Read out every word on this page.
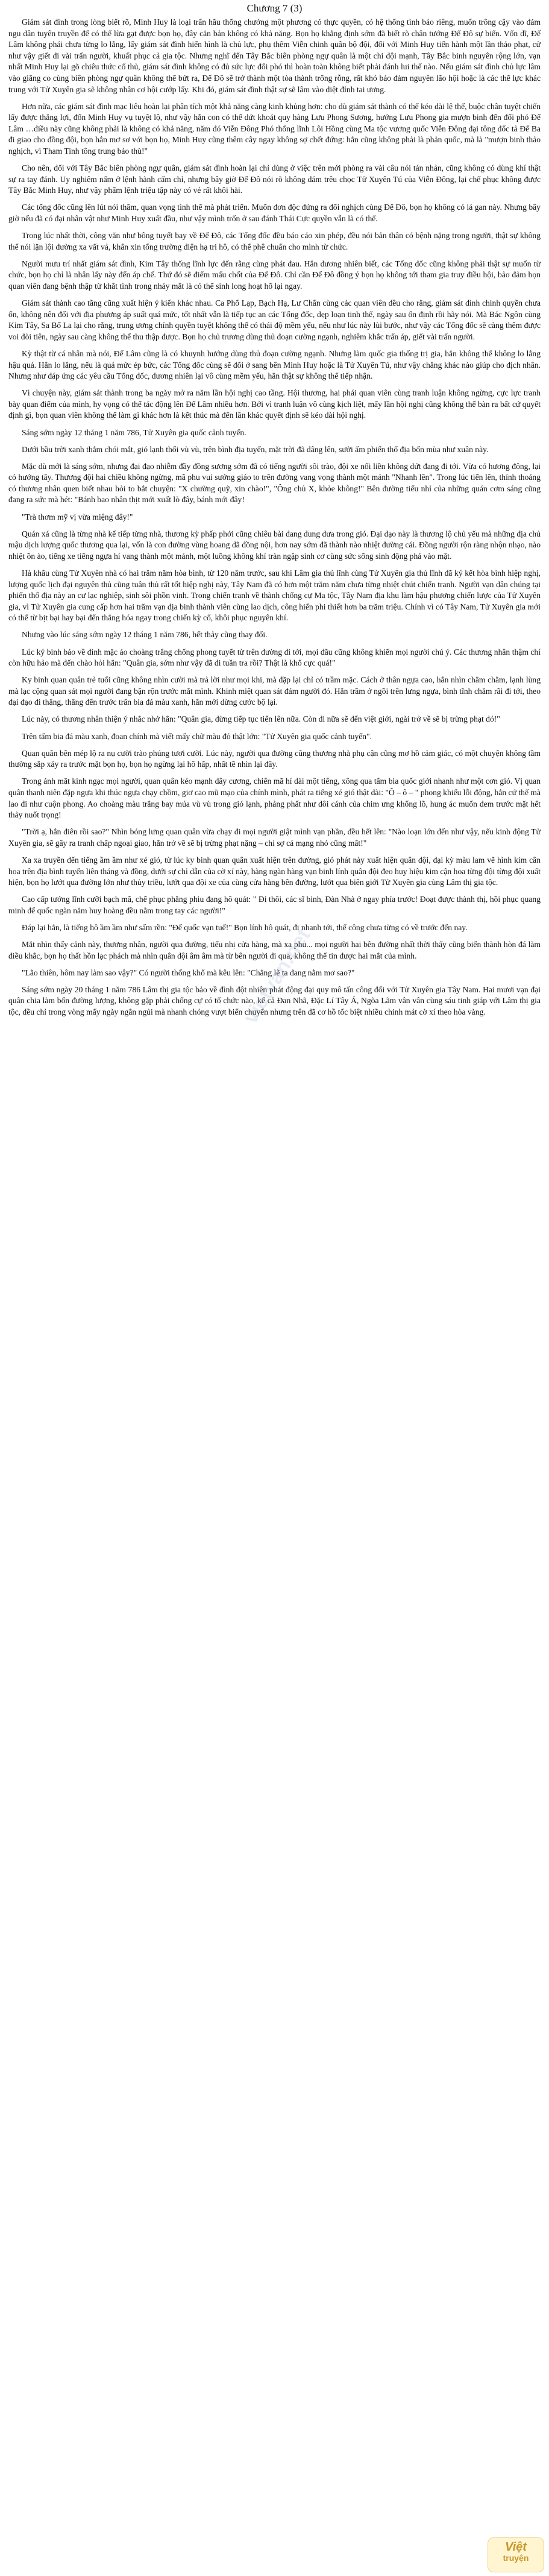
Chương 7 (3)

Giám sát đình trong lòng biết rõ, Minh Huy là loại trấn hầu thống chướng một phương có thực quyền, có hệ thống tình báo riêng, muốn trông cậy vào đám ngu dân tuyên truyền để có thể lừa gạt được bọn họ, đây căn bản không có khả năng. Bọn họ khẳng định sớm đã biết rõ chân tướng Đế Đô sự biến. Vốn dĩ, Đế Lâm không phái chưa từng lo lắng, lấy giám sát đình hiển hình là chủ lực, phụ thêm Viễn chinh quân bộ đội, đối với Minh Huy tiến hành một lần thảo phạt, cử như vậy giết đi vài trấn người, khuất phục cả gia tộc. Nhưng nghĩ đến Tây Bắc biên phòng ngự quân là một chi đội mạnh, Tây Bắc binh nguyên rộng lớn, vạn nhất Minh Huy lại gõ chiêu thức cố thủ, giám sát đình không có đủ sức lực đổi phó thì hoàn toàn không biết phải đánh lui thế nào. Nếu giám sát đình chủ lực lâm vào giằng co cùng biên phòng ngự quân không thể bứt ra, Đế Đô sẽ trở thành một tòa thành trống rỗng, rất khó bảo đảm nguyên lão hội hoặc là các thế lực khác trung với Tử Xuyên gia sẽ không nhân cơ hội cướp lấy. Khi đó, giám sát đình thật sự sẽ lâm vào diệt đỉnh tai ương.

Hơn nữa, các giám sát đình mạc liêu hoàn lại phân tích một khả năng càng kinh khủng hơn: cho dù giám sát thành có thể kéo dài lệ thế, buộc chân tuyệt chiến lấy được thắng lợi, đốn Minh Huy vụ tuyệt lộ, như vậy hắn con có thể dứt khoát quy hàng Lưu Phong Sương, hướng Lưu Phong gia mượn binh đến đối phó Đế Lâm …điều này cũng không phải là không có khả năng, năm đó Viễn Đông Phó thống lĩnh Lôi Hồng cùng Ma tộc vương quốc Viễn Đông đại tông đốc tả Đế Ba đi giao cho đồng đội, bọn hắn mơ sơ với bọn họ, Minh Huy cũng thêm cây ngay không sợ chết đứng: hắn cũng không phải là phản quốc, mà là "mượn binh thảo nghịch, vì Tham Tinh tông trung bảo thù!"

Cho nên, đối với Tây Bắc biên phòng ngự quân, giám sát đình hoàn lại chỉ dùng ở việc trên mới phòng ra vài câu nói tán nhản, cũng không có dùng khí thật sự ra tay đánh. Uy nghiêm nấm ở lệnh hành cấm chỉ, nhưng bây giờ Đế Đô nói rõ không dám trêu chọc Tử Xuyên Tú của Viễn Đông, lại chế phục không được Tây Bắc Minh Huy, như vậy phẩm lệnh triệu tập này có vẻ rất khôi hài.

Các tổng đốc cũng lên lút nói thầm, quan vọng tình thế mà phát triển. Muốn đơn độc đứng ra đối nghịch cùng Đế Đô, bọn họ không có lá gan này. Nhưng bây giờ nếu đã có đại nhân vật như Minh Huy xuất đầu, như vậy mình trốn ở sau đánh Thái Cực quyền vẫn là có thể.

Trong lúc nhất thời, công văn như bông tuyết bay về Đế Đô, các Tổng đốc đều báo cáo xin phép, đều nói bản thân có bệnh nặng trong người, thật sự không thể nói lặn lội đường xa vất vả, khẩn xin tổng trường điện hạ tri hô, có thể phê chuẩn cho mình từ chức.

Người mưu trí nhất giám sát đình, Kim Tây thống lĩnh lực đến rằng cùng phát đau. Hắn đương nhiên biết, các Tổng đốc cũng không phải thật sự muốn từ chức, bọn họ chỉ là nhân lấy này đến áp chế. Thứ đó sẽ điểm mấu chốt của Đế Đô. Chỉ cần Đế Đô đồng ý bọn họ không tới tham gia truy điều hội, bảo đảm bọn quan viên đang bệnh thập từ khắt tình trong nháy mắt là có thể sinh long hoạt hổ lại ngay.

Giám sát thành cao tầng cũng xuất hiện ý kiến khác nhau. Ca Phổ Lạp, Bạch Hạ, Lư Chẩn cùng các quan viên đều cho rằng, giám sát đình chinh quyền chưa ổn, không nên đối với địa phương áp suất quá mức, tốt nhất vẫn là tiếp tục an các Tổng đốc, dẹp loạn tinh thế, ngày sau ổn định rồi hãy nói. Mà Bác Ngôn cùng Kim Tây, Sa Bố La lại cho rằng, trung ương chính quyền tuyệt không thể có thái độ mềm yếu, nếu như lúc này lùi bước, như vậy các Tổng đốc sẽ càng thêm được voi đòi tiên, ngày sau càng không thể thu thập được. Bọn họ chủ trương dùng thủ đoạn cường ngạnh, nghiêm khắc trấn áp, giết vài trấn người.

Kỳ thật từ cá nhân mà nói, Đế Lâm cũng là có khuynh hướng dùng thủ đoạn cường ngạnh. Nhưng làm quốc gia thống trị gia, hắn không thể không lo lắng hậu quả. Hắn lo lắng, nếu là quá mức ép bức, các Tổng đốc cùng sẽ đối ở sang bên Minh Huy hoặc là Tử Xuyên Tú, như vậy chẳng khác nào giúp cho địch nhân. Nhưng như đáp ứng các yêu cầu Tổng đốc, đương nhiên lại vô cùng mềm yếu, hắn thật sự không thể tiếp nhận.

Vì chuyện này, giám sát thành trong ba ngày mở ra năm lần hội nghị cao tầng. Hội thương, hai phái quan viên cùng tranh luận không ngừng, cực lực tranh bày quan điểm của mình, hy vọng có thể tác động lên Đế Lâm nhiều hơn. Bởi vì tranh luận vô cùng kịch liệt, mấy lần hội nghị cũng không thể bàn ra bất cứ quyết định gì, bọn quan viên không thể làm gì khác hơn là kết thúc mà đến lần khác quyết định sẽ kéo dài hội nghị.

Sáng sớm ngày 12 tháng 1 năm 786, Tử Xuyên gia quốc cảnh tuyến.

Dưới bầu trời xanh thẳm chói mắt, gió lạnh thổi vù vù, trên bình địa tuyến, mặt trời đã dâng lên, sưởi ấm phiến thổ địa bốn mùa như xuân này.

Mặc dù mới là sáng sớm, nhưng đại đạo nhiễm đầy đồng sương sớm đã có tiếng người sôi trào, đội xe nối liền không dứt đang đi tới. Vừa có hương đông, lại có hướng tây. Thương đội hai chiều không ngừng, mã phu vui sướng giáo to trên đường vang vọng thành một mảnh "Nhanh lên". Trong lúc tiến lên, thỉnh thoảng có thương nhân quen biết nhau hỏi to bắt chuyện: "X chường quỹ, xin chào!", "Ông chủ X, khỏe không!" Bên đường tiểu nhỉ của những quán cơm sáng cũng đang ra sức mà hét: "Bánh bao nhân thịt mới xuất lò đây, bánh mới đây!

"Trà thơm mỹ vị vừa miệng đây!"

Quán xá cũng là từng nhà kế tiếp từng nhà, thương kỳ phấp phới cũng chiêu bài đang đung đưa trong gió. Đại đạo này là thương lộ chủ yếu mà những địa chủ mậu dịch lượng quốc thương qua lại, vốn là con đường vùng hoang dã đồng nội, hơn nay sớm đã thành nào nhiệt đường cái. Đồng người rộn ràng nhộn nhạo, nào nhiệt ồn ào, tiếng xe tiếng ngựa hí vang thành một mảnh, một luồng không khí tràn ngập sinh cơ cùng sức sống sinh động phả vào mặt.

Hà khẩu cùng Tử Xuyên nhà có hai trăm năm hòa bình, từ 120 năm trước, sau khi Lâm gia thủ lĩnh cùng Tử Xuyên gia thủ lĩnh đã ký kết hòa bình hiệp nghị, lượng quốc lịch đại nguyên thủ cũng tuân thủ rất tốt hiệp nghị này, Tây Nam đã có hơn một trăm năm chưa từng nhiệt chút chiến tranh. Người vạn dân chúng tại phiến thổ địa này an cư lạc nghiệp, sinh sôi phồn vinh. Trong chiến tranh về thành chống cự Ma tộc, Tây Nam địa khu làm hậu phương chiến lược của Tử Xuyên gia, vì Tử Xuyên gia cung cấp hơn hai trăm vạn địa binh thành viên cùng lao dịch, công hiến phi thiết hơn ba trăm triệu. Chính vì có Tây Nam, Tử Xuyên gia mới có thể từ bịt bại hay bại đến thắng hóa ngay trong chiến kỳ cổ, khôi phục nguyên khí.

Nhưng vào lúc sáng sớm ngày 12 tháng 1 năm 786, hết thảy cũng thay đổi.

Lúc ký binh bảo về đình mặc áo choàng trắng chống phong tuyết từ trên đường đi tới, mọi đầu cũng không khiến mọi người chú ý. Các thương nhân thậm chí còn hữu hảo mà đến chào hỏi hắn: "Quân gia, sớm như vậy đã đi tuần tra rồi? Thật là khổ cực quá!"

Ky binh quan quân trẻ tuổi cũng không nhìn cười mà trả lời như mọi khi, mà đặp lại chỉ có trầm mặc. Cách ở thân ngựa cao, hắn nhìn chằm chằm, lạnh lùng mà lạc cộng quan sát mọi người đang bận rộn trước mắt mình. Khinh miệt quan sát đám người đó. Hắn trầm ở ngồi trên lưng ngựa, bình tĩnh chăm rãi đi tới, theo đại đạo đi thẳng, thẳng đến trước trấn bia đá màu xanh, hắn mới dừng cước bộ lại.

Lúc này, có thương nhân thiện ý nhắc nhở hắn: "Quân gia, đừng tiếp tục tiến lên nữa. Còn đi nữa sẽ đến việt giới, ngài trở về sẽ bị trừng phạt đó!"

Trên tấm bia đá màu xanh, đoan chính mà viết mấy chữ màu đỏ thật lớn: "Tử Xuyên gia quốc cảnh tuyến".

Quan quân bên mép lộ ra nụ cười trào phúng tươi cười. Lúc này, người qua đường cũng thương nhà phụ cận cũng mơ hồ cảm giác, có một chuyện không tầm thường sắp xảy ra trước mặt bọn họ, bọn họ ngừng lại hô hấp, nhất tề nhìn lại đây.

Trong ánh mắt kinh ngạc mọi người, quan quân kéo mạnh dây cương, chiến mã hí dài một tiếng, xông qua tấm bia quốc giới nhanh như một cơn gió. Vị quan quân thanh niên đặp ngựa khi thúc ngựa chạy chồm, giơ cao mũ mạo của chính mình, phát ra tiếng xé gió thật dài: "Ô – ô – " phong khiếu lỗi động, hắn cứ thế mà lao đi như cuộn phong. Ao choàng màu trắng bay múa vù vù trong gió lạnh, phảng phất như đôi cánh của chim ưng khổng lồ, hung ác muốn đem trước mặt hết thảy nuốt trọng!

"Trời ạ, hắn điên rồi sao?" Nhìn bóng lưng quan quân vừa chạy đi mọi người giật mình vạn phần, đều hết lên: "Nào loạn lớn đến như vậy, nếu kinh động Tử Xuyên gia, sẽ gây ra tranh chấp ngoại giao, hắn trở về sẽ bị trừng phạt nặng – chỉ sợ cả mạng nhỏ cũng mất!"

Xa xa truyền đến tiếng ầm ầm như xé gió, từ lúc ky binh quan quân xuất hiện trên đường, gió phát này xuất hiện quân đội, đại kỳ màu lam vẽ hình kim cân hoa trên địa bình tuyến liên tháng và đồng, dưới sự chỉ dẫn của cờ xí này, hàng ngàn hàng vạn binh lính quân đội đeo huy hiệu kim cận hoa từng đội từng đội xuất hiện, bọn họ lướt qua đường lớn như thủy triều, lướt qua đội xe của cùng cửa hàng bên đường, lướt qua biên giới Tử Xuyên gia cùng Lâm thị gia tộc.

Cao cấp tướng lĩnh cưỡi bạch mã, chế phục phẳng phiu đang hô quát: " Đi thôi, các sĩ binh, Đàn Nhà ở ngay phía trước! Đoạt được thành thị, hồi phục quang minh để quốc ngàn năm huy hoàng đều nằm trong tay các người!"

Đáp lại hắn, là tiếng hô ầm ầm như sấm rền: "Đế quốc vạn tuế!" Bọn lính hô quát, đi nhanh tới, thế công chưa từng có về trước đến nay.

Mắt nhìn thấy cảnh này, thương nhân, người qua đường, tiểu nhị cửa hàng, mà xa phu... mọi người hai bên đường nhất thời thấy cũng biến thành hòn đá làm điều khắc, bọn họ thất hồn lạc phách mà nhìn quân đội âm âm mà từ bên người đi qua, không thể tin được hai mắt của mình.

"Lão thiên, hôm nay làm sao vậy?" Có người thống khổ mà kêu lên: "Chẳng lẽ ta đang nằm mơ sao?"

Sáng sớm ngày 20 tháng 1 năm 786 Lâm thị gia tộc bảo về đình đột nhiên phát động đại quy mô tấn công đối với Tử Xuyên gia Tây Nam. Hai mươi vạn đại quân chia làm bốn đường lượng, không gặp phải chống cự có tổ chức nào, kể cả Đan Nhã, Đặc Lí Tây Á, Ngõa Lãm vân vân cùng sáu tinh giáp với Lâm thị gia tộc, đều chỉ trong vòng mấy ngày ngắn ngủi mà nhanh chóng vượt biển chuyển nhưng trên đã cơ hồ tốc biệt nhiều chinh mát cờ xí theo hòa vàng.

vietvan.net
Việt
truyện
